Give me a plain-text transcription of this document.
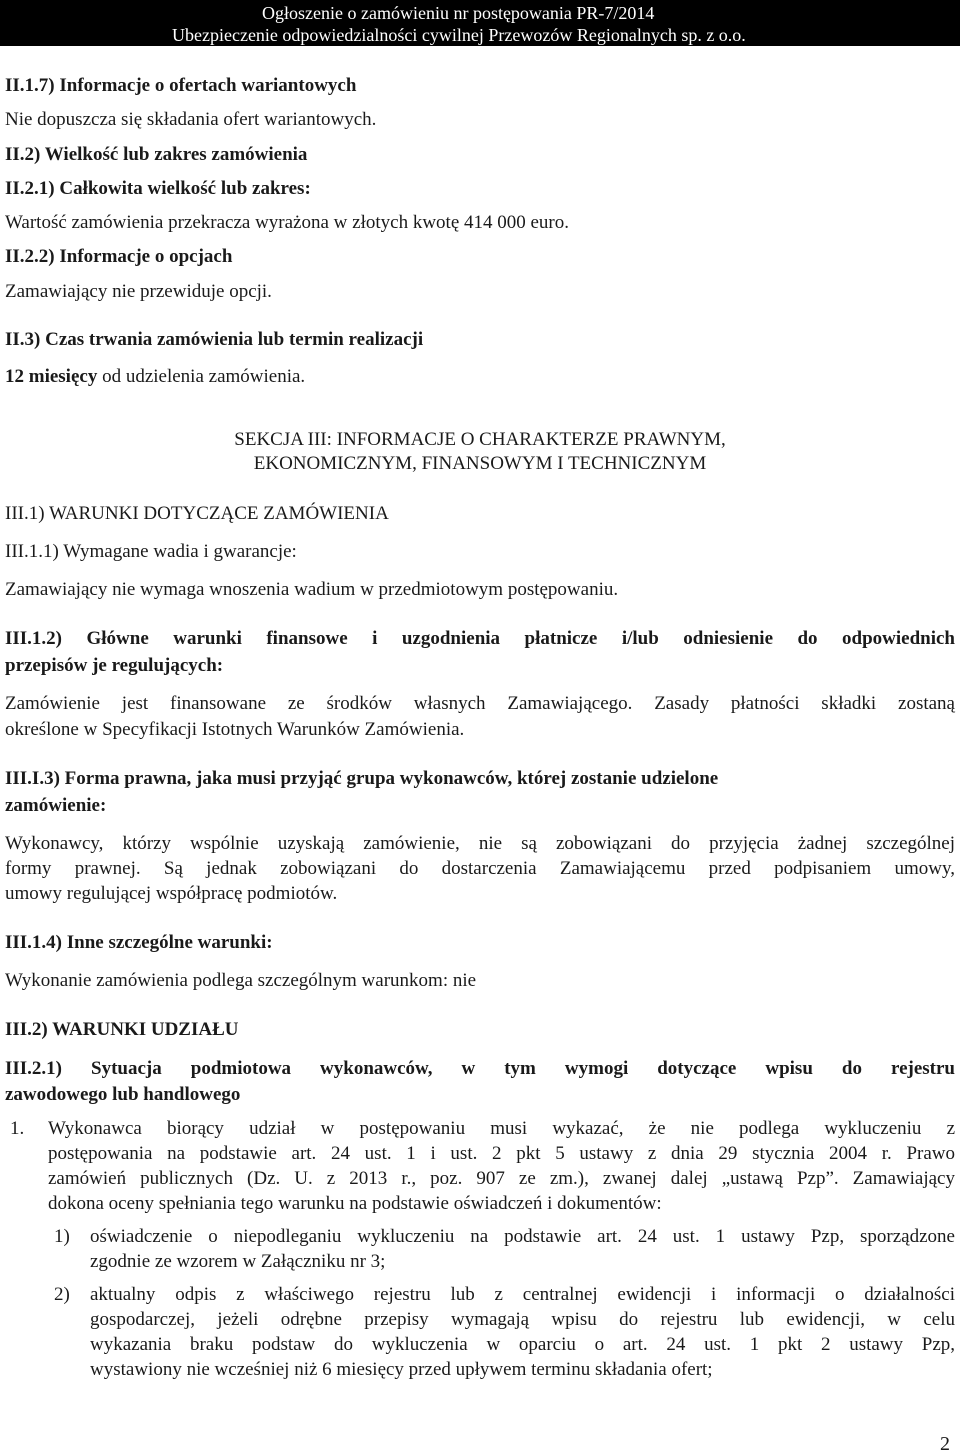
Ogłoszenie o zamówieniu nr postępowania PR-7/2014
Ubezpieczenie odpowiedzialności cywilnej Przewozów Regionalnych sp. z o.o.
II.1.7) Informacje o ofertach wariantowych
Nie dopuszcza się składania ofert wariantowych.
II.2) Wielkość lub zakres zamówienia
II.2.1) Całkowita wielkość lub zakres:
Wartość zamówienia przekracza wyrażona w złotych kwotę 414 000 euro.
II.2.2) Informacje o opcjach
Zamawiający nie przewiduje opcji.
II.3) Czas trwania zamówienia lub termin realizacji
12 miesięcy od udzielenia zamówienia.
SEKCJA III: INFORMACJE O CHARAKTERZE PRAWNYM,
EKONOMICZNYM, FINANSOWYM I TECHNICZNYM
III.1) WARUNKI DOTYCZĄCE ZAMÓWIENIA
III.1.1) Wymagane wadia i gwarancje:
Zamawiający nie wymaga wnoszenia wadium w przedmiotowym postępowaniu.
III.1.2) Główne warunki finansowe i uzgodnienia płatnicze i/lub odniesienie do odpowiednich
przepisów je regulujących:
Zamówienie jest finansowane ze środków własnych Zamawiającego. Zasady płatności składki zostaną
określone w Specyfikacji Istotnych Warunków Zamówienia.
III.I.3) Forma prawna, jaka musi przyjąć grupa wykonawców, której zostanie udzielone
zamówienie:
Wykonawcy, którzy wspólnie uzyskają zamówienie, nie są zobowiązani do przyjęcia żadnej szczególnej
formy prawnej. Są jednak zobowiązani do dostarczenia Zamawiającemu przed podpisaniem umowy,
umowy regulującej współpracę podmiotów.
III.1.4) Inne szczególne warunki:
Wykonanie zamówienia podlega szczególnym warunkom: nie
III.2) WARUNKI UDZIAŁU
III.2.1) Sytuacja podmiotowa wykonawców, w tym wymogi dotyczące wpisu do rejestru
zawodowego lub handlowego
1. Wykonawca biorący udział w postępowaniu musi wykazać, że nie podlega wykluczeniu z
postępowania na podstawie art. 24 ust. 1 i ust. 2 pkt 5 ustawy z dnia 29 stycznia 2004 r. Prawo
zamówień publicznych (Dz. U. z 2013 r., poz. 907 ze zm.), zwanej dalej „ustawą Pzp”. Zamawiający
dokona oceny spełniania tego warunku na podstawie oświadczeń i dokumentów:
1) oświadczenie o niepodleganiu wykluczeniu na podstawie art. 24 ust. 1 ustawy Pzp, sporządzone
zgodnie ze wzorem w Załączniku nr 3;
2) aktualny odpis z właściwego rejestru lub z centralnej ewidencji i informacji o działalności
gospodarczej, jeżeli odrębne przepisy wymagają wpisu do rejestru lub ewidencji, w celu
wykazania braku podstaw do wykluczenia w oparciu o art. 24 ust. 1 pkt 2 ustawy Pzp,
wystawiony nie wcześniej niż 6 miesięcy przed upływem terminu składania ofert;
2
